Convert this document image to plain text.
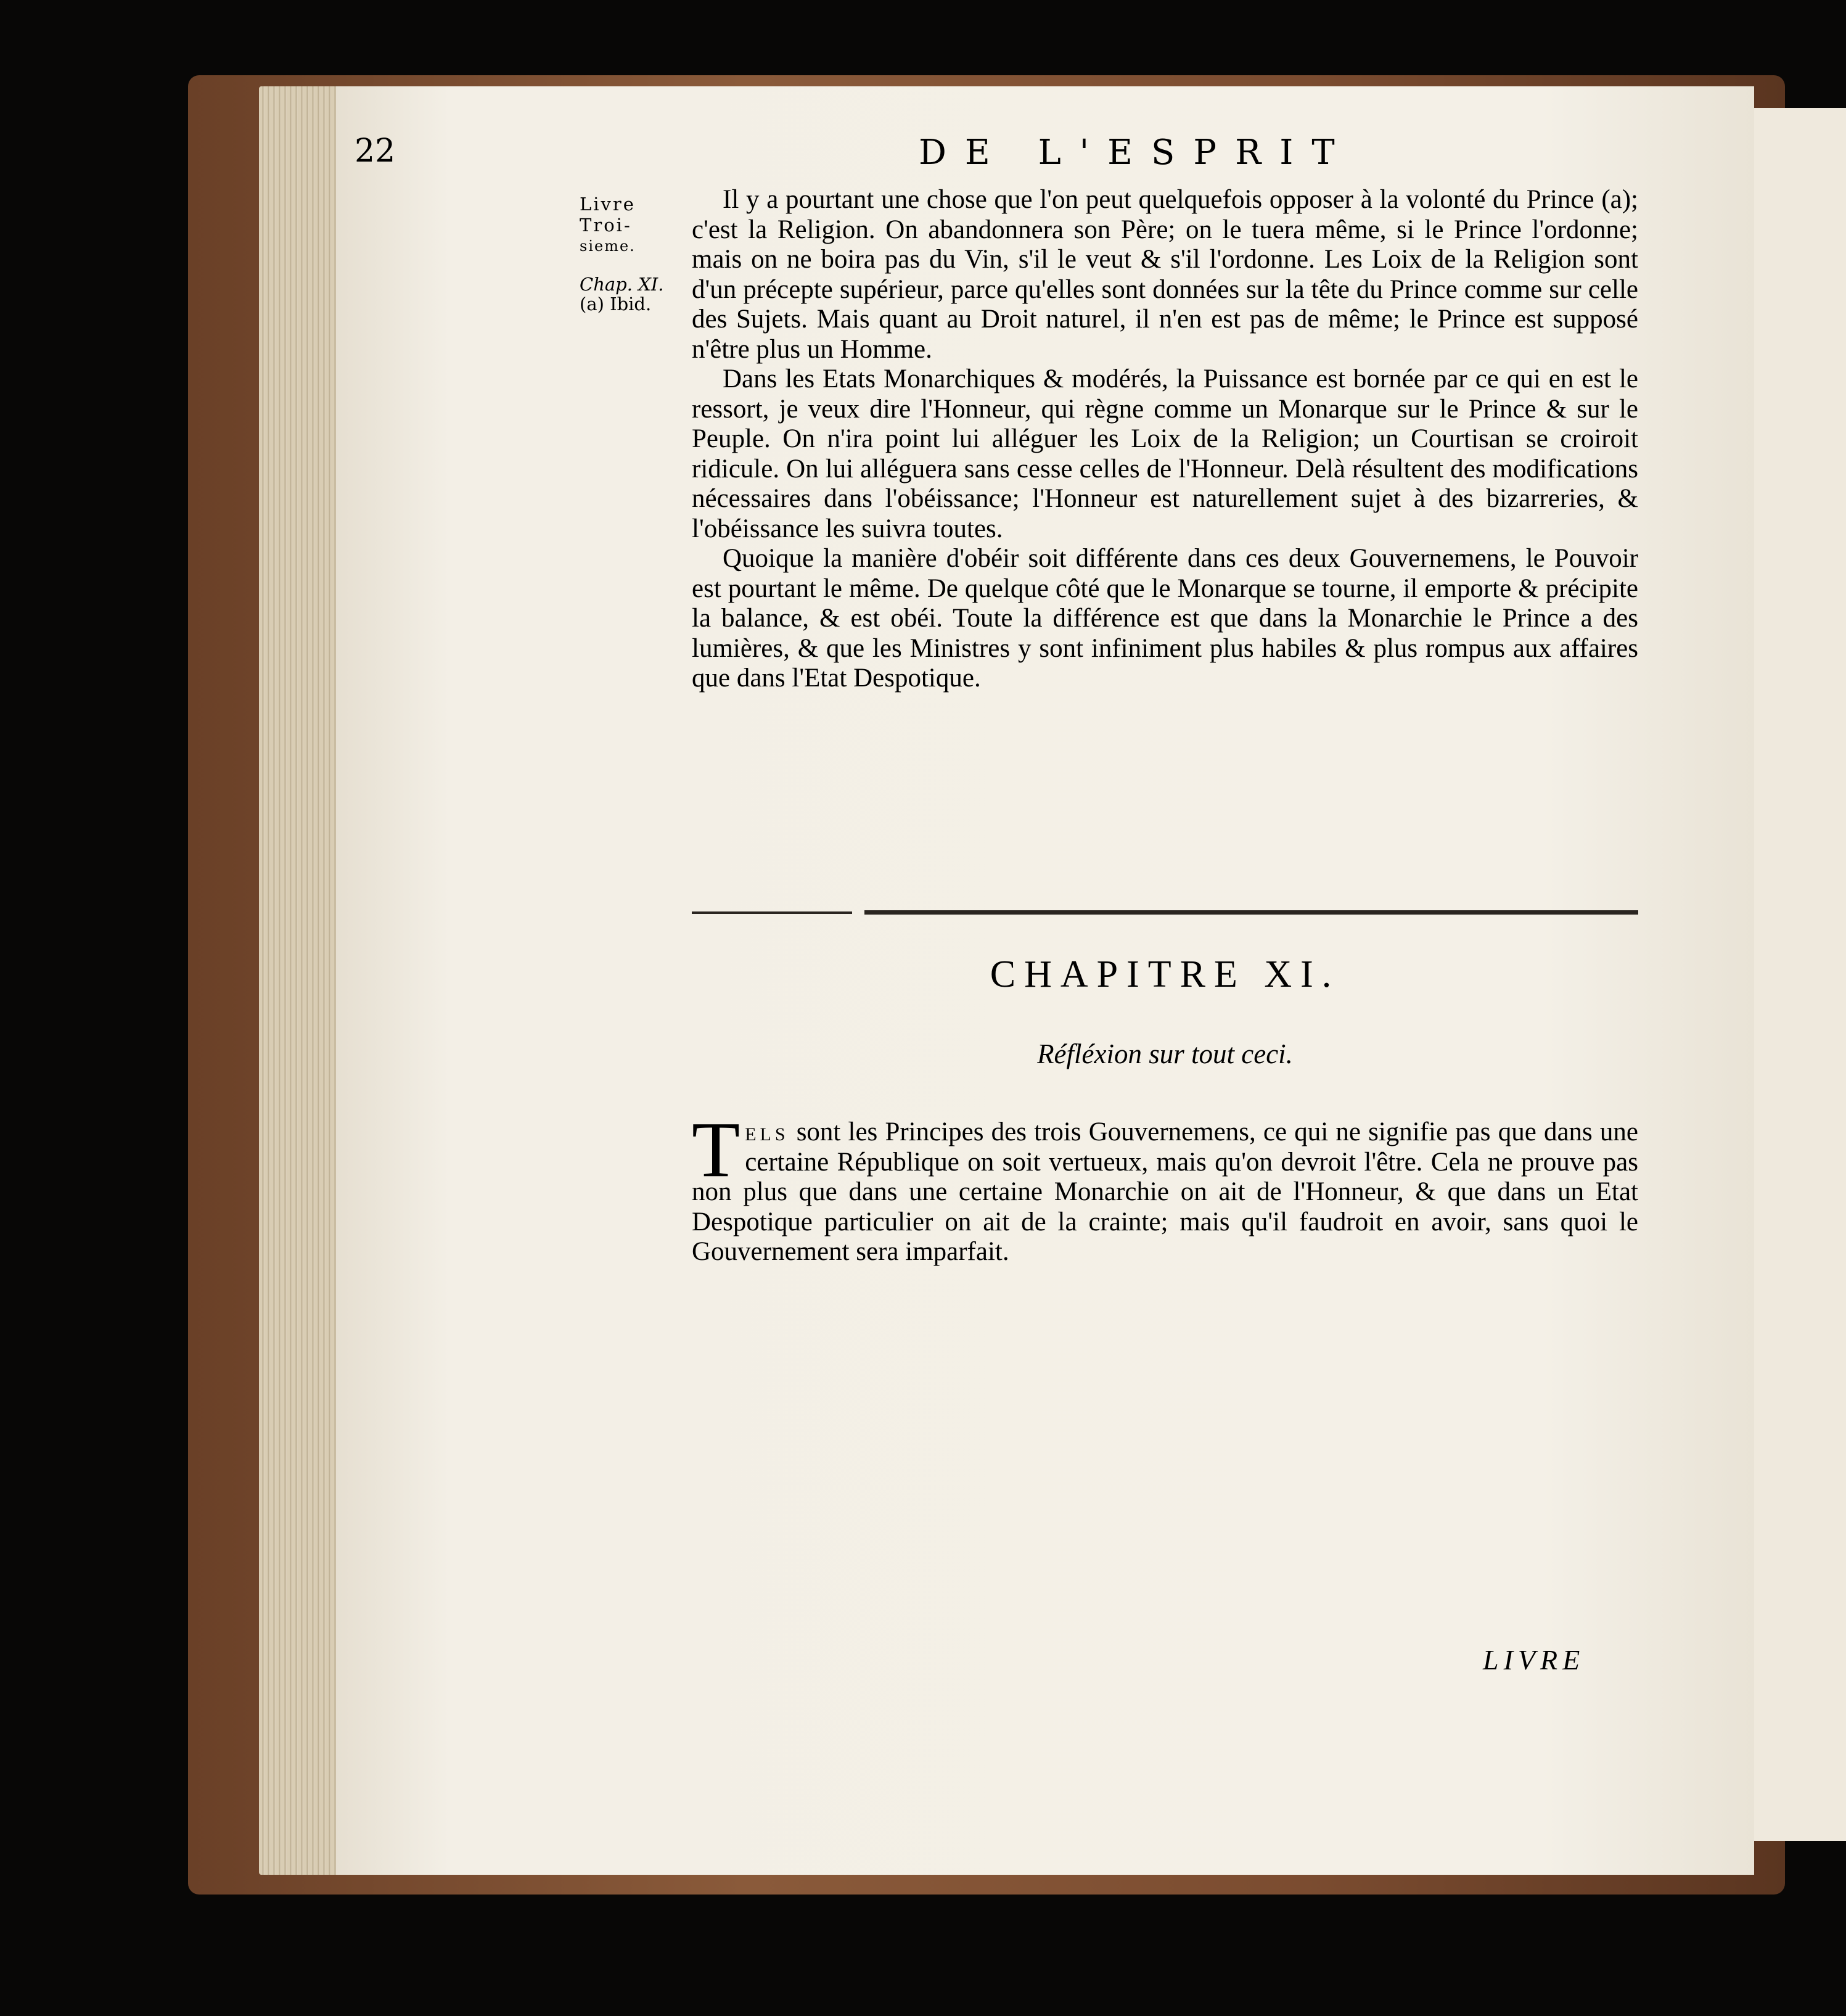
22	DE L'ESPRIT
Livre
Troi-
sieme.
Chap. XI.
(a) Ibid.

Il y a pourtant une chose que l'on peut quelquefois opposer à la volonté du Prince (a); c'est la Religion. On abandonnera son Père; on le tuera même, si le Prince l'ordonne; mais on ne boira pas du Vin, s'il le veut & s'il l'ordonne. Les Loix de la Religion sont d'un précepte supérieur, parce qu'elles sont données sur la tête du Prince comme sur celle des Sujets. Mais quant au Droit naturel, il n'en est pas de même; le Prince est supposé n'être plus un Homme.

Dans les Etats Monarchiques & modérés, la Puissance est bornée par ce qui en est le ressort, je veux dire l'Honneur, qui règne comme un Monarque sur le Prince & sur le Peuple. On n'ira point lui alléguer les Loix de la Religion; un Courtisan se croiroit ridicule. On lui alléguera sans cesse celles de l'Honneur. Delà résultent des modifications nécessaires dans l'obéissance; l'Honneur est naturellement sujet à des bizarreries, & l'obéissance les suivra toutes.

Quoique la manière d'obéir soit différente dans ces deux Gouvernemens, le Pouvoir est pourtant le même. De quelque côté que le Monarque se tourne, il emporte & précipite la balance, & est obéi. Toute la différence est que dans la Monarchie le Prince a des lumières, & que les Ministres y sont infiniment plus habiles & plus rompus aux affaires que dans l'Etat Despotique.

CHAPITRE XI.
Réfléxion sur tout ceci.
T els sont les Principes des trois Gouvernemens, ce qui ne signifie pas que dans une certaine République on soit vertueux, mais qu'on devroit l'être. Cela ne prouve pas non plus que dans une certaine Monarchie on ait de l'Honneur, & que dans un Etat Despotique particulier on ait de la crainte; mais qu'il faudroit en avoir, sans quoi le Gouvernement sera imparfait.
LIVRE
